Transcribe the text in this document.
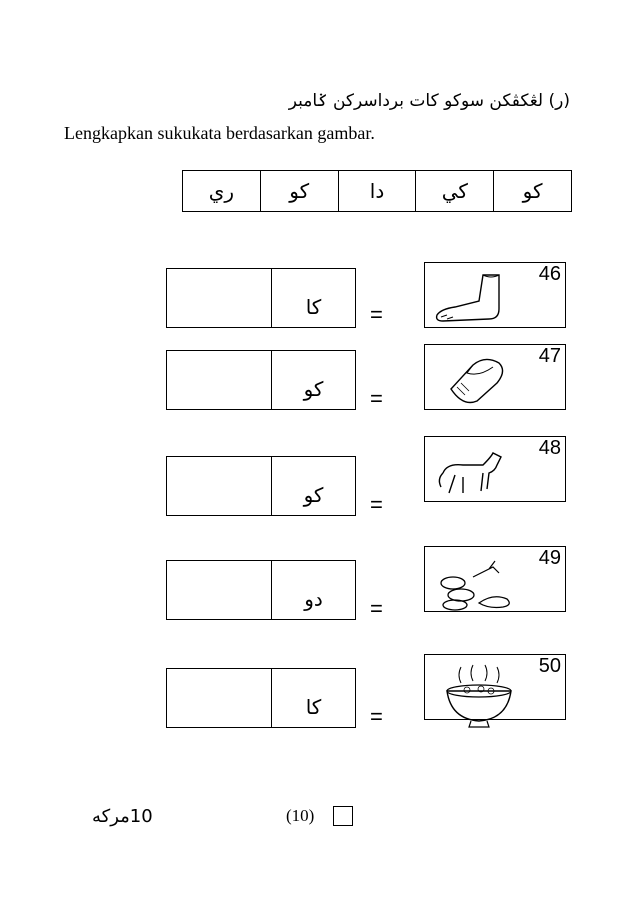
(ر) لڠكڤكن سوكو كات برداسركن ݢامبر
Lengkapkan sukukata berdasarkan gambar.
كو	كي	دا	كو	ري
كا	=
46
كو	=
47
كو	=
48
دو	=
49
كا	=
50
10مركه	(10)
